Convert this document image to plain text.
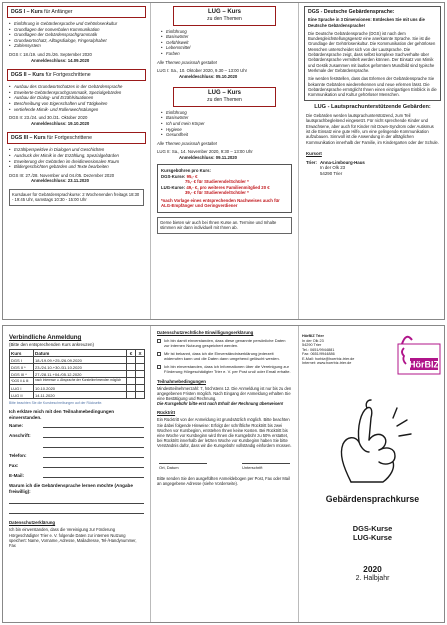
DGS I – Kurs für Anfänger
• Einführung in Gebärdensprache und Gehörlosenkultur
• Grundlagen der nonverbalen Kommunikation
• Grundlagen der Gebärdensprachgrammatik
• Grundwortschatz, Alltagsdialoge, Fingeralphabet
• Zahlensystem
DGS I: 18./19. und 25./26. September 2020
Anmeldeschluss: 14.09.2020
DGS II – Kurs für Fortgeschrittene
• Ausbau des Grundwortschatzes in der Gebärdensprache
• Erweiterte Gebärdensprachgrammatik, Spezialgebärden
• Ausbau der Dialog- und Erzählsituationen
• Beschreibung von Eigenschaften und Tätigkeiten
• vertiefende Mimik- und Rollenwechsälungen
DGS II: 23./24. und 30./31. Oktober 2020
Anmeldeschluss: 19.10.2020
DGS III – Kurs für Fortgeschrittene
• Erzählperspektive in Dialogen und Geschichten
• Ausdruck der Mimik in der Erzählung, Spezialgebärden
• Erweiterung der Gebärden im dreidimensionalen Raum
• Bildergeschichten gebärden und Texte bearbeiten
DGS III: 27./28. November und 04./05. Dezember 2020
Anmeldeschluss: 23.11.2020
Kursdauer für Gebärdensprachkurse: 2 Wochenenden freitags 18:30 - 19:45 Uhr, samstags 10:30 - 15:00 Uhr
LUG – Kurs
zu den Themen
• Einführung
• Basiswörter
• Gefühlswelt
• Lebensmittel
• Farben
Alle Themen praxisnah gestaltet
LUG I: Sa., 10. Oktober 2020, 9.30 – 13:00 Uhr
Anmeldeschluss: 05.10.2020
LUG – Kurs
zu den Themen
• Einführung
• Basiswörter
• Ich und mein Körper
• Hygiene
• Gesundheit
Alle Themen praxisnah gestaltet
LUG II: Sa., 14. November 2020, 9:30 – 13:00 Uhr
Anmeldeschluss: 09.11.2020
Kursgebühren pro Kurs:
DGS-Kurse: 95,- €
75,- € für Studierende/Schüler *
LUG-Kurse: 49,- €, pro weiteres Familienmitglied 20 €
39,- € für Studierende/Schüler *

*nach Vorlage eines entsprechenden Nachweises auch für ALG-Empfänger und Geringverdiener
Gerne bieten wir auch bei Ihnen Kurse an. Termine und Inhalte stimmen wir dann individuell mit Ihnen ab.
DGS - Deutsche Gebärdensprache:

Eine Sprache in 3 Dimensionen: Entdecken Sie mit uns die Deutsche Gebärdensprache!

Die Deutsche Gebärdensprache (DGS) ist nach dem Bundesgleichstellungsgesetz eine anerkannte Sprache. Sie ist die Grundlage der Gehörlosenkultur. Die Kommunikation der gehörlosen Menschen unterscheidet sich von der Lautsprache. Die Gebärdensprache zeigt, dass selbst komplexe Sachverhalte über Gebärdensprache vermittelt werden können. Der Einsatz von Mimik und Gestik zusammen mit lautlos geformtem Mundbild sind typische Merkmale der Gebärdensprache.

Sie werden feststellen, dass das Erlernen der Gebärdensprache Sie bekannte Gebärden wiedererkennen und neue erlernen lässt. Die Gebärdensprache ermöglicht Ihnen einen einzigartigen Einblick in die Kommunikation und Kultur gehörloser Menschen.

LUG - Lautsprachunterstützende Gebärden:
Die Gebärden werden lautsprachunterstützend, zum Teil lautsprachbegleitend eingesetzt. Für nicht sprechende Kinder und Erwachsene, aber auch für Kinder mit Down-Syndrom oder Autismus ist die Einsatz eine gute Hilfe, um eine gelingende Kommunikation aufzubauen. Sinnvoll ist die Anwendung in der alltäglichen Kommunikation innerhalb der Familie, im Kindergarten oder der Schule.
Kursort
Trier:	Anna-Limbourg-Haus
	In der Olk 23
	54290 Trier
Verbindliche Anmeldung
(Bitte den entsprechenden Kurs ankreuzen)
Kurs	Datum	€	X
DGS I	18./19.09.+25./26.09.2020		
DGS II *	23./24.10.+30./31.10.2020		
DGS III *	27./28.11.+04./05.12.2020		
*DGS II & III	nach Interesse u. Absprache der Kursteilnehmenden möglich		
LUG I	10.10.2020		
LUG II	14.11.2020		
Bitte beachten Sie die Kursbeschreibungen auf der Rückseite.
Ich erkläre mich mit den Teilnahmebedingungen einverstanden.
Name:
Anschrift:
Telefon:
Fax:
E-Mail:
Warum ich die Gebärdensprache lernen möchte (Angabe freiwillig):
Datenschutzerklärung
Ich bin einverstanden, dass die Vereinigung zur Förderung Hörgeschädigter Trier e. V. folgende Daten zur internen Nutzung speichert: Name, Vorname, Adresse, Mailadresse, Tel-/Handynummer, Fax
Datenschutzrechtliche Einwilligungserklärung
Ich bin damit einverstanden, dass diese genannte persönliche Daten zur internen Nutzung gespeichert werden.
Mir ist bekannt, dass ich die Einverständniserklärung jederzeit widerrufen kann und die Daten dann umgehend gelöscht werden.
Ich bin einverstanden, dass ich Informationen über die Vereinigung zur Förderung Hörgeschädigter Trier e. V. per Post und/ oder Email erhalte.
Teilnahmebedingungen
Mindestteilnehmerzahl: 7, höchstens 12. Die Anmeldung ist nur bis zu den angegebenen Fristen möglich. Nach Eingang der Anmeldung erhalten Sie eine Bestätigung und Rechnung.
Die Kursgebühr bitte erst nach Erhalt der Rechnung überweisen!
Rücktritt
Ein Rücktritt von der Anmeldung ist grundsätzlich möglich. Bitte beachten Sie dabei folgende Hinweise: Erfolgt der schriftliche Rücktritt bis zwei Wochen vor Kursbeginn, entstehen Ihnen keine Kosten. Bei Rücktritt bis eine Woche vor Kursbeginn wird Ihnen die Kursgebühr zu 50% erstattet, bei Rücktritt innerhalb der letzten Woche vor Kursbeginn haben Sie bitte Verständnis dafür, dass wir die Kursgebühr vollständig einfordern müssen.
Ort, Datum	Unterschrift
Bitte senden Sie den ausgefüllten Anmeldebogen per Post, Fax oder Mail an angegebene Adresse (siehe Vorderseite).
HörBIZ Trier
In der Olk 23
54290 Trier
Tel.: 0651/9944881
Fax: 0651/9944886
E-Mail: horbiz@hoerbiz-trier.de
Internet: www.hoerbiz-trier.de	HörBIZ
Gebärdensprachkurse
DGS-Kurse
LUG-Kurse
2020
2. Halbjahr
